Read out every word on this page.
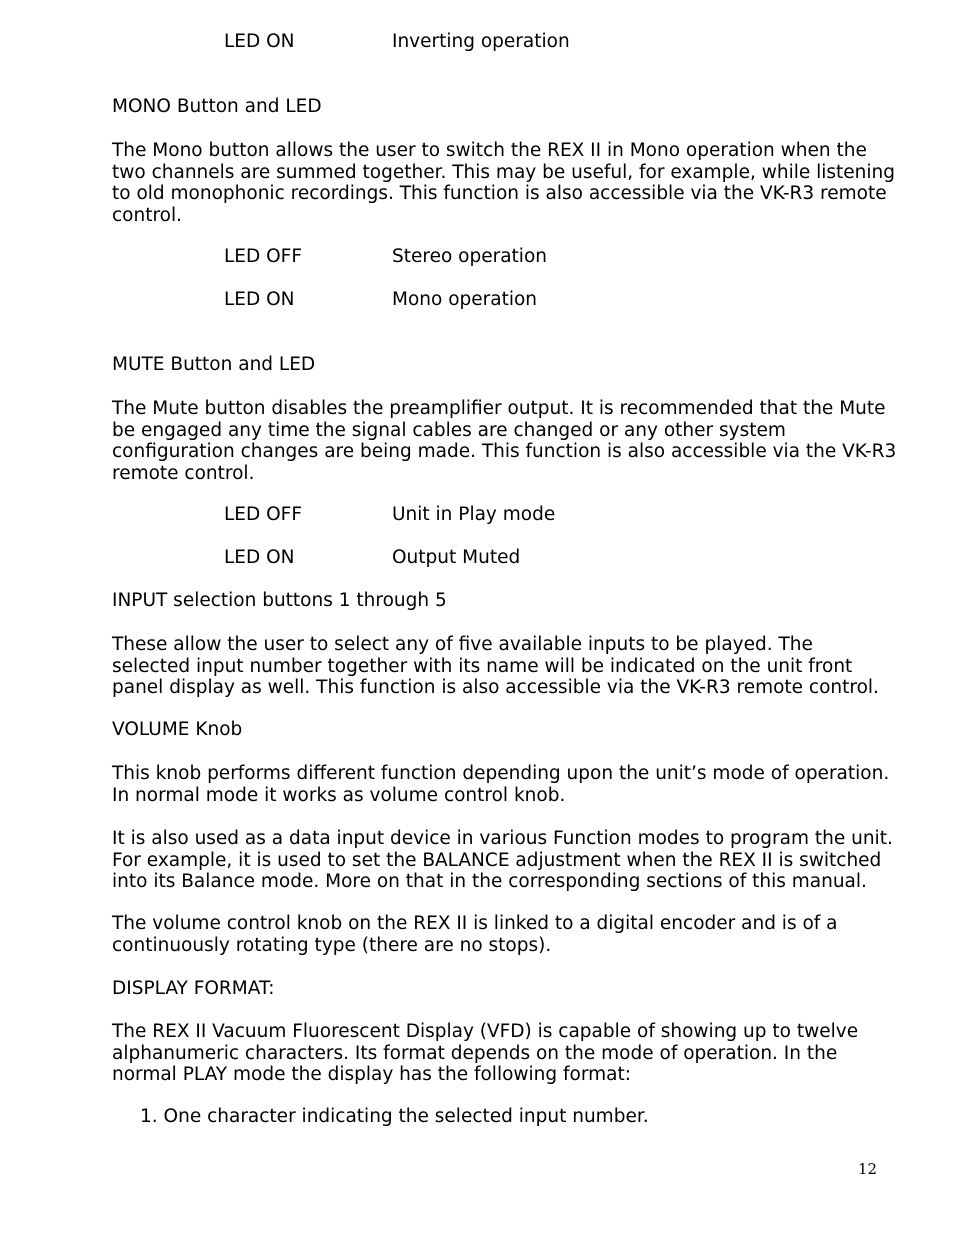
LED ON	Inverting operation
MONO Button and LED
The Mono button allows the user to switch the REX II in Mono operation when the
two channels are summed together. This may be useful, for example, while listening
to old monophonic recordings. This function is also accessible via the VK-R3 remote
control.
LED OFF	Stereo operation
LED ON	Mono operation
MUTE Button and LED
The Mute button disables the preamplifier output. It is recommended that the Mute
be engaged any time the signal cables are changed or any other system
configuration changes are being made. This function is also accessible via the VK-R3
remote control.
LED OFF	Unit in Play mode
LED ON	Output Muted
INPUT selection buttons 1 through 5
These allow the user to select any of five available inputs to be played. The
selected input number together with its name will be indicated on the unit front
panel display as well. This function is also accessible via the VK-R3 remote control.
VOLUME Knob
This knob performs different function depending upon the unit’s mode of operation.
In normal mode it works as volume control knob.
It is also used as a data input device in various Function modes to program the unit.
For example, it is used to set the BALANCE adjustment when the REX II is switched
into its Balance mode. More on that in the corresponding sections of this manual.
The volume control knob on the REX II is linked to a digital encoder and is of a
continuously rotating type (there are no stops).
DISPLAY FORMAT:
The REX II Vacuum Fluorescent Display (VFD) is capable of showing up to twelve
alphanumeric characters. Its format depends on the mode of operation. In the
normal PLAY mode the display has the following format:
1. One character indicating the selected input number.
12
